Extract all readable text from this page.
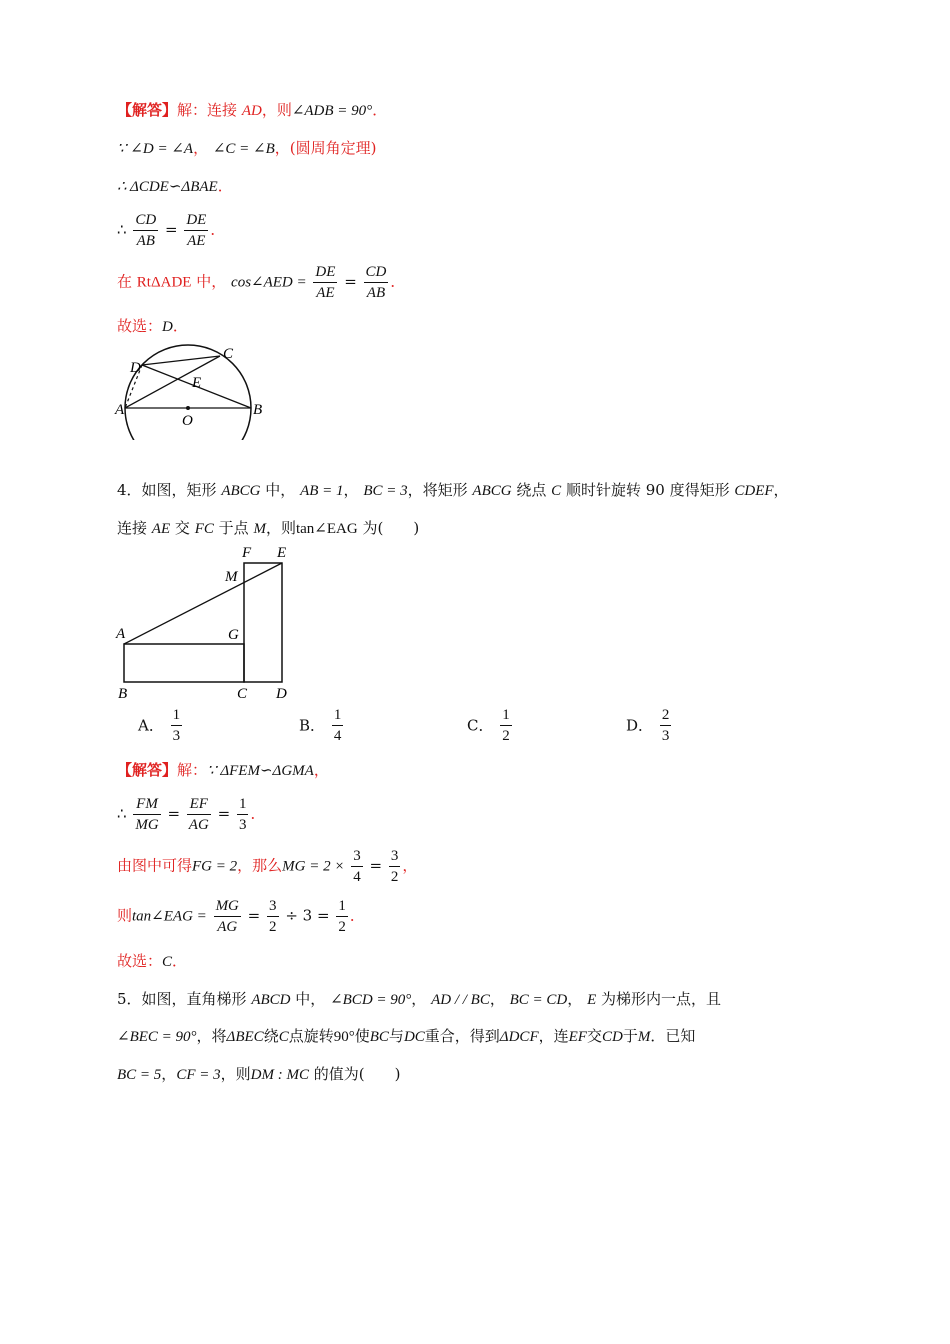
【解答】解：连接 AD，则∠ADB = 90°．
∵ ∠D = ∠A， ∠C = ∠B，(圆周角定理)
∴ ΔCDE∽ΔBAE．
∴ $\frac{CD}{AB} = \frac{DE}{AE}$ ．
在 RtΔADE 中， cos∠AED = $\frac{DE}{AE} = \frac{CD}{AB}$ ．
故选：D．
D
C
E
A	B
O
4．如图，矩形 ABCG 中， AB = 1， BC = 3，将矩形 ABCG 绕点 C 顺时针旋转 90 度得矩形 CDEF，
连接 AE 交 FC 于点 M，则tan∠EAG 为(　　)
F E
M
A	G
B	C D
A． $\frac{1}{3}$	B． $\frac{1}{4}$	C． $\frac{1}{2}$	D． $\frac{2}{3}$
【解答】解：∵ ΔFEM∽ΔGMA，
∴ $\frac{FM}{MG} = \frac{EF}{AG} = \frac{1}{3}$ ．
由图中可得FG = 2，那么MG = $2 \times \frac{3}{4} = \frac{3}{2}$ ，
则tan∠EAG = $\frac{MG}{AG} = \frac{3}{2} \div 3 = \frac{1}{2}$ ．
故选：C．
5．如图，直角梯形 ABCD 中， ∠BCD = 90°， AD / / BC， BC = CD， E 为梯形内一点，且
∠BEC = 90°，将ΔBEC绕C点旋转90°使BC与DC重合，得到ΔDCF，连EF交CD于M．已知
BC = 5，CF = 3，则DM : MC 的值为(　　)
